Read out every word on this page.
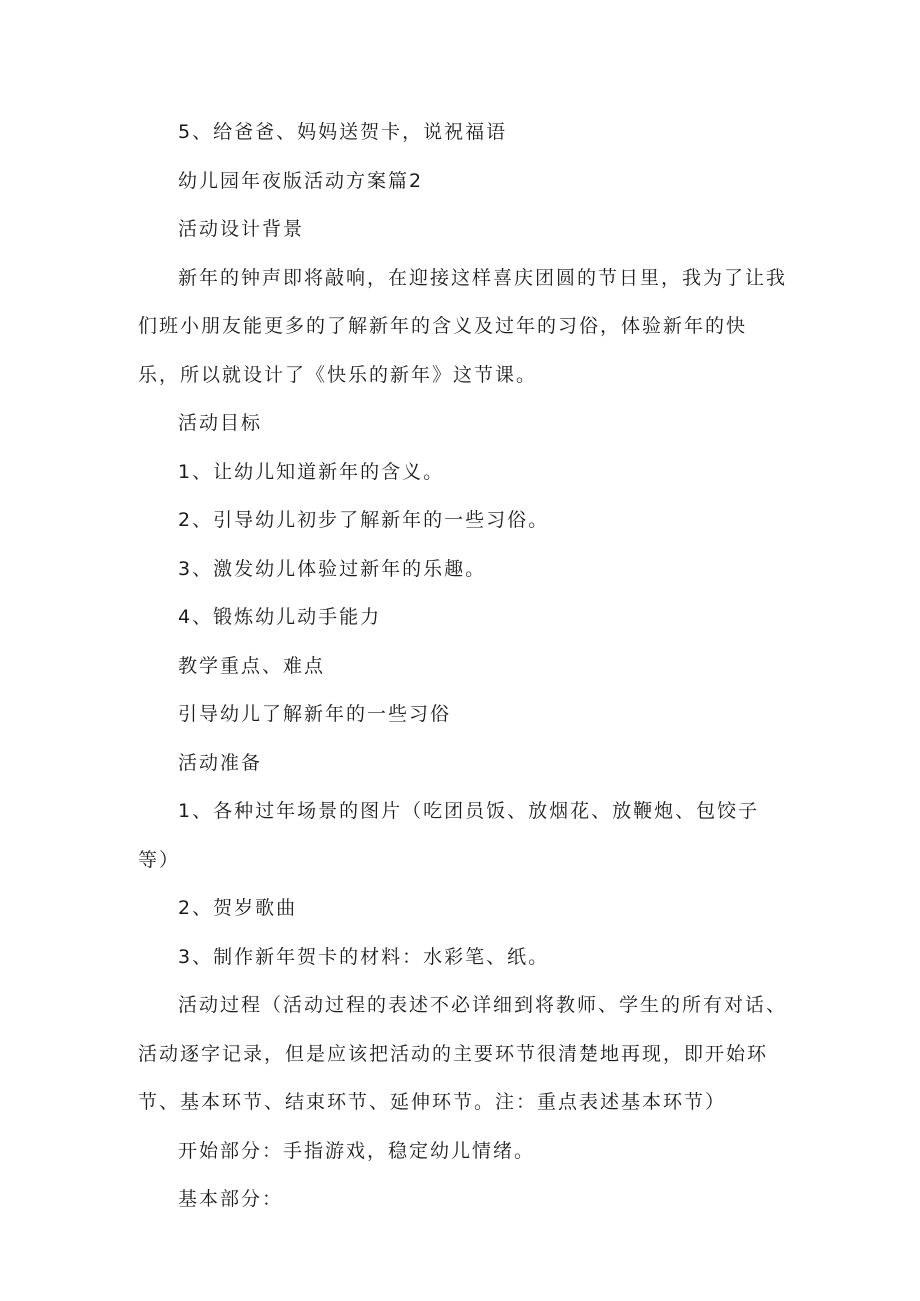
5、给爸爸、妈妈送贺卡，说祝福语

幼儿园年夜版活动方案篇2

活动设计背景

新年的钟声即将敲响，在迎接这样喜庆团圆的节日里，我为了让我们班小朋友能更多的了解新年的含义及过年的习俗，体验新年的快乐，所以就设计了《快乐的新年》这节课。

活动目标

1、让幼儿知道新年的含义。

2、引导幼儿初步了解新年的一些习俗。

3、激发幼儿体验过新年的乐趣。

4、锻炼幼儿动手能力

教学重点、难点

引导幼儿了解新年的一些习俗

活动准备

1、各种过年场景的图片（吃团员饭、放烟花、放鞭炮、包饺子等）

2、贺岁歌曲

3、制作新年贺卡的材料：水彩笔、纸。

活动过程（活动过程的表述不必详细到将教师、学生的所有对话、活动逐字记录，但是应该把活动的主要环节很清楚地再现，即开始环节、基本环节、结束环节、延伸环节。注：重点表述基本环节）

开始部分：手指游戏，稳定幼儿情绪。

基本部分：
